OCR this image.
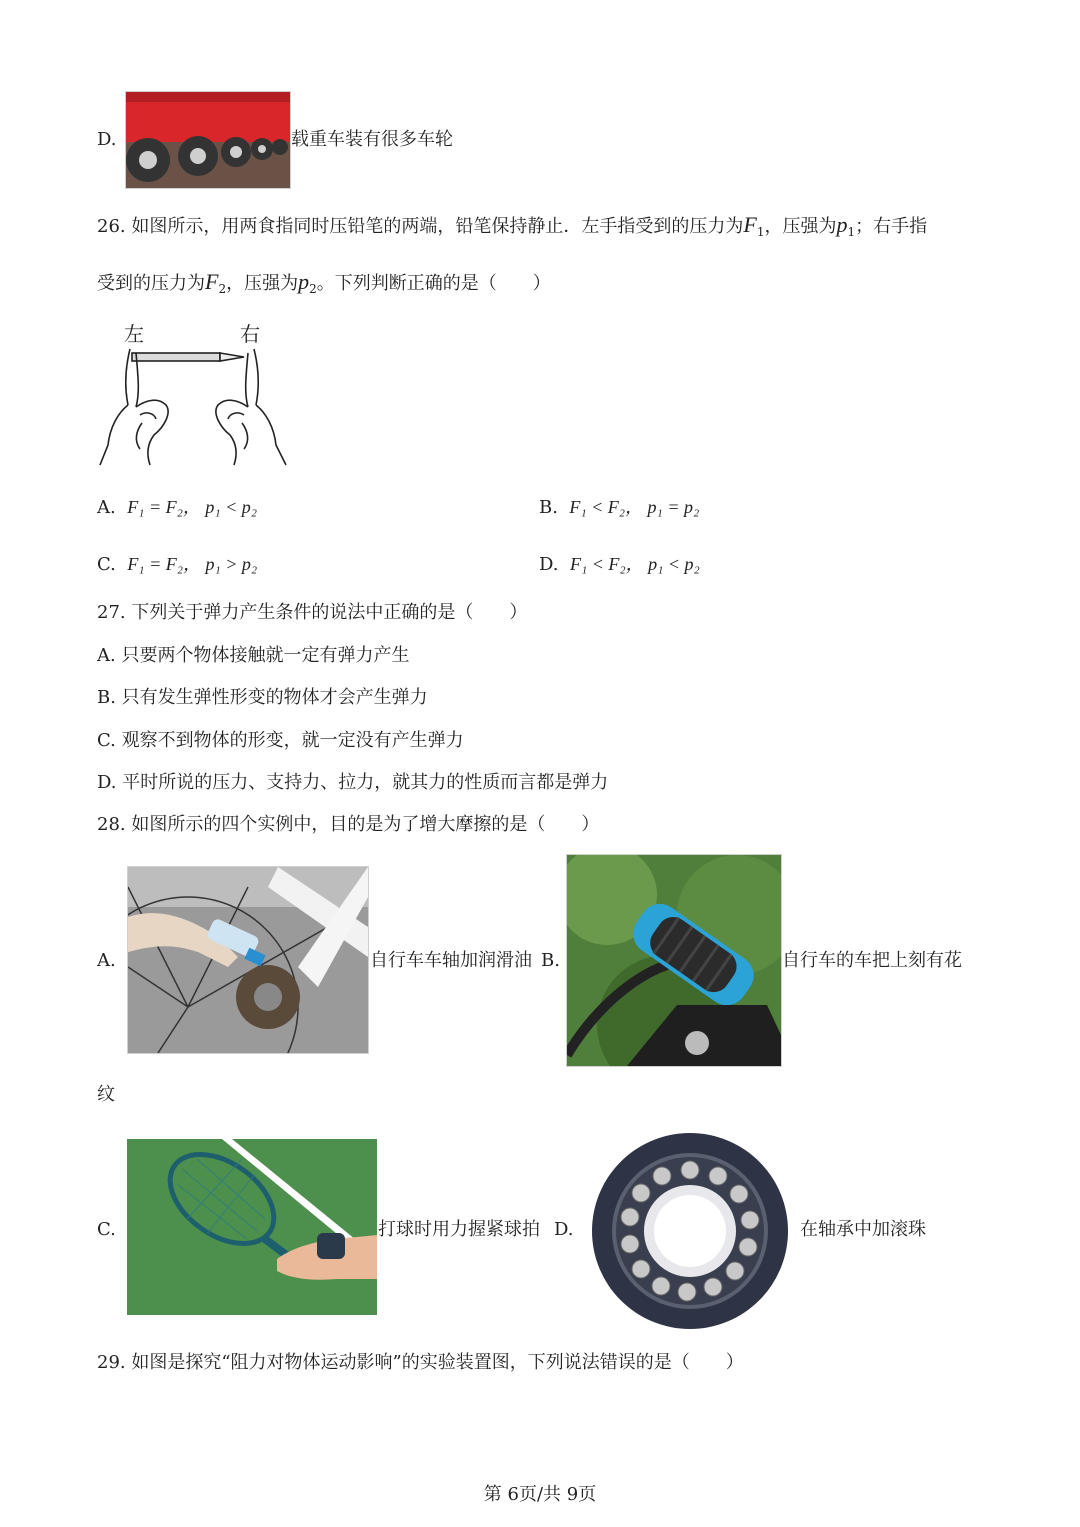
D.	载重车装有很多车轮
26. 如图所示，用两食指同时压铅笔的两端，铅笔保持静止．左手指受到的压力为$F_1$，压强为$p_1$；右手指
受到的压力为$F_2$，压强为$p_2$。下列判断正确的是（　　）
左	右
A. F₁ = F₂， p₁ < p₂	B. F₁ < F₂， p₁ = p₂
C. F₁ = F₂， p₁ > p₂	D. F₁ < F₂， p₁ < p₂
27. 下列关于弹力产生条件的说法中正确的是（　　）
A. 只要两个物体接触就一定有弹力产生
B. 只有发生弹性形变的物体才会产生弹力
C. 观察不到物体的形变，就一定没有产生弹力
D. 平时所说的压力、支持力、拉力，就其力的性质而言都是弹力
28. 如图所示的四个实例中，目的是为了增大摩擦的是（　　）
A.	自行车车轴加润滑油 B.	自行车的车把上刻有花
纹
C.	打球时用力握紧球拍 D.	在轴承中加滚珠
29. 如图是探究“阻力对物体运动影响”的实验装置图，下列说法错误的是（　　）
第 6页/共 9页
